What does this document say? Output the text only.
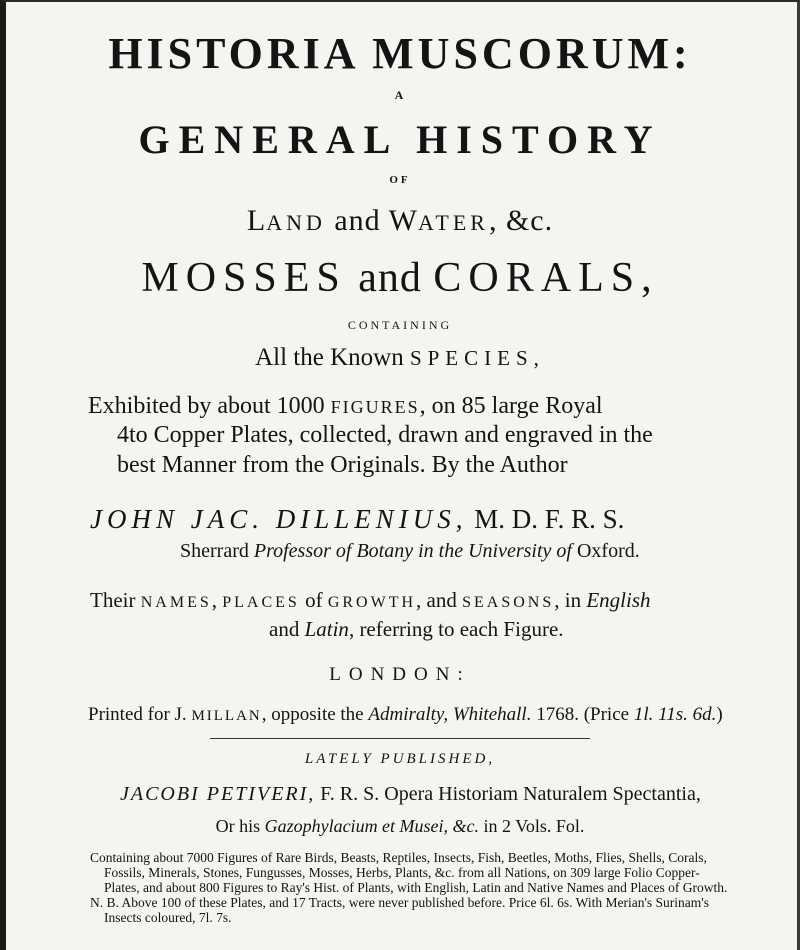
HISTORIA MUSCORUM:
A
GENERAL HISTORY
OF
LAND and WATER, &c.
MOSSES and CORALS,
CONTAINING
All the Known SPECIES,
Exhibited by about 1000 FIGURES, on 85 large Royal
4to Copper Plates, collected, drawn and engraved in the
best Manner from the Originals. By the Author
JOHN JAC. DILLENIUS, M. D. F. R. S.
Sherrard Professor of Botany in the University of Oxford.
Their NAMES, PLACES of GROWTH, and SEASONS, in English
and Latin, referring to each Figure.
LONDON:
Printed for J. MILLAN, opposite the Admiralty, Whitehall. 1768. (Price 1l. 11s. 6d.)
LATELY PUBLISHED,
JACOBI PETIVERI, F. R. S. Opera Historiam Naturalem Spectantia,
Or his Gazophylacium et Musei, &c. in 2 Vols. Fol.
Containing about 7000 Figures of Rare Birds, Beasts, Reptiles, Insects, Fish, Beetles, Moths, Flies, Shells, Corals,
Fossils, Minerals, Stones, Fungusses, Mosses, Herbs, Plants, &c. from all Nations, on 309 large Folio Copper-
Plates, and about 800 Figures to Ray's Hist. of Plants, with English, Latin and Native Names and Places of Growth.
N. B. Above 100 of these Plates, and 17 Tracts, were never published before. Price 6l. 6s. With Merian's Surinam's
Insects coloured, 7l. 7s.
